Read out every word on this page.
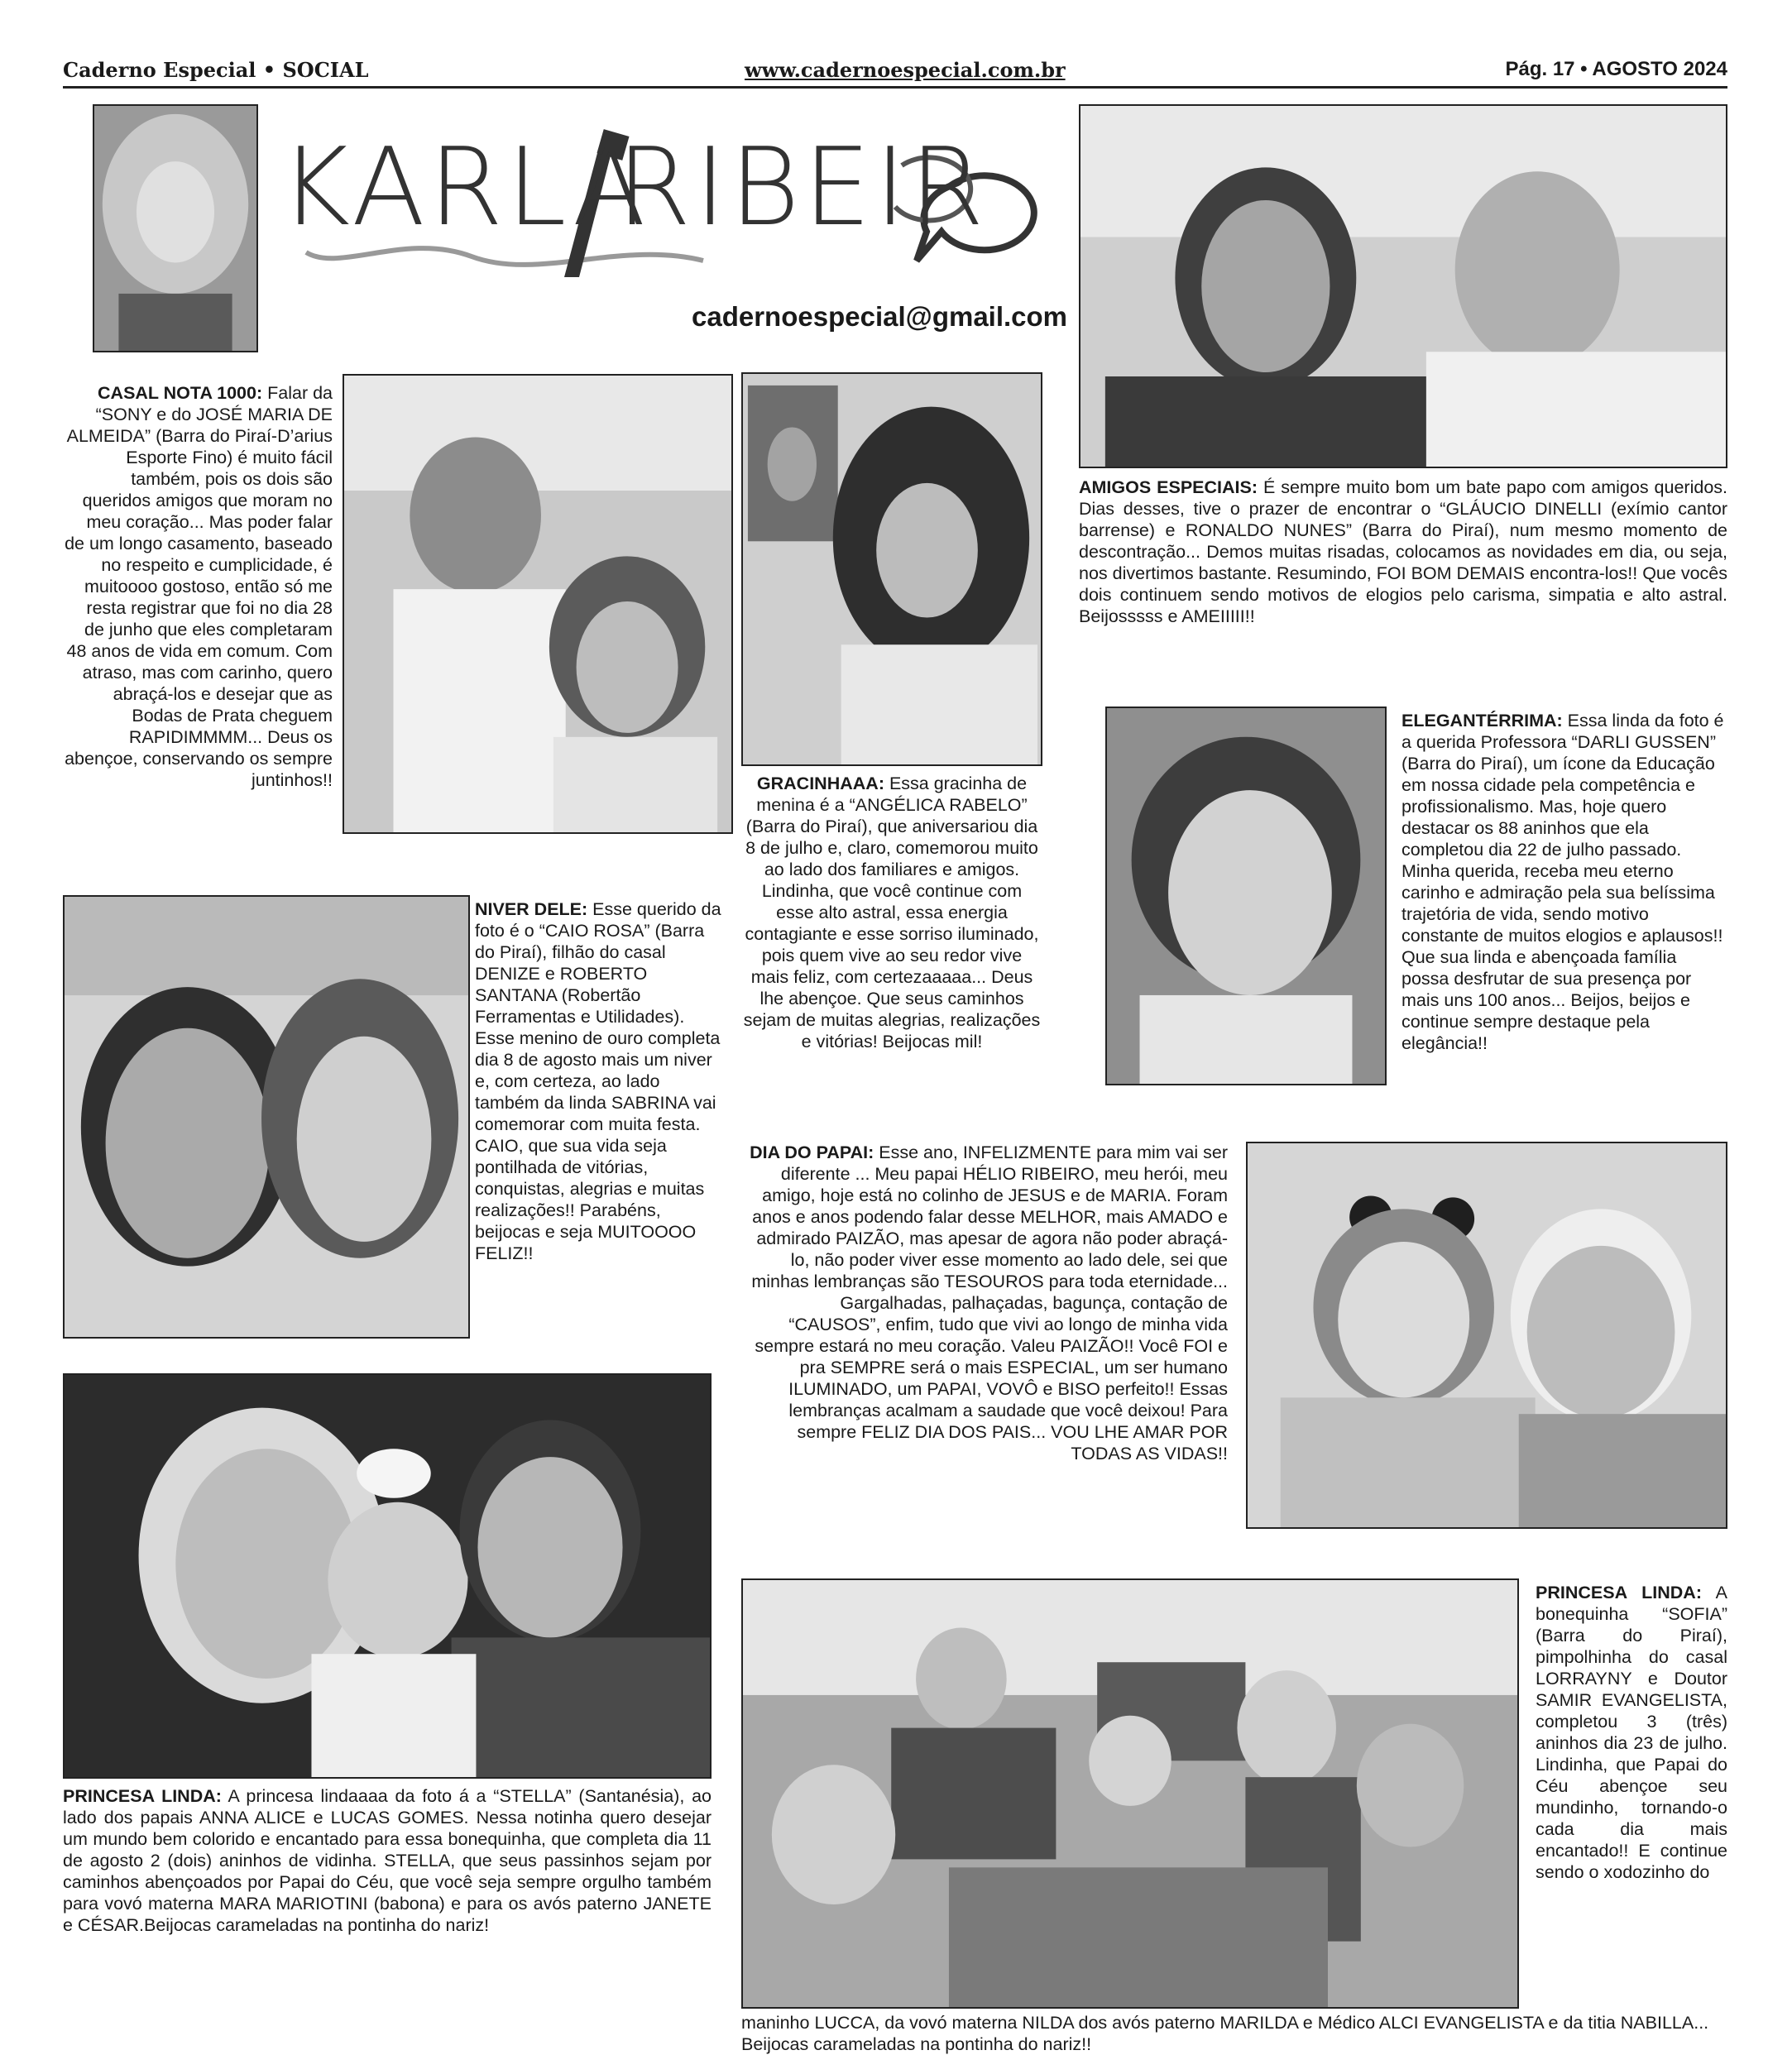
Caderno Especial • SOCIAL	www.cadernoespecial.com.br	Pág. 17 • AGOSTO 2024
KARLA
RIBEIR
cadernoespecial@gmail.com
CASAL NOTA 1000: Falar da “SONY e do JOSÉ MARIA DE ALMEIDA” (Barra do Piraí-D’arius Esporte Fino) é muito fácil também, pois os dois são queridos amigos que moram no meu coração... Mas poder falar de um longo casamento, baseado no respeito e cumplicidade, é muitoooo gostoso, então só me resta registrar que foi no dia 28 de junho que eles completaram 48 anos de vida em comum. Com atraso, mas com carinho, quero abraçá-los e desejar que as Bodas de Prata cheguem RAPIDIMMMM... Deus os abençoe, conservando os sempre juntinhos!!	GRACINHAAA: Essa gracinha de menina é a “ANGÉLICA RABELO” (Barra do Piraí), que aniversariou dia 8 de julho e, claro, comemorou muito ao lado dos familiares e amigos. Lindinha, que você continue com esse alto astral, essa energia contagiante e esse sorriso iluminado, pois quem vive ao seu redor vive mais feliz, com certezaaaaa... Deus lhe abençoe. Que seus caminhos sejam de muitas alegrias, realizações e vitórias! Beijocas mil!
AMIGOS ESPECIAIS: É sempre muito bom um bate papo com amigos queridos. Dias desses, tive o prazer de encontrar o “GLÁUCIO DINELLI (exímio cantor barrense) e RONALDO NUNES” (Barra do Piraí), num mesmo momento de descontração... Demos muitas risadas, colocamos as novidades em dia, ou seja, nos divertimos bastante. Resumindo, FOI BOM DEMAIS encontra-los!! Que vocês dois continuem sendo motivos de elogios pelo carisma, simpatia e alto astral. Beijosssss e AMEIIIII!!
ELEGANTÉRRIMA: Essa linda da foto é a querida Professora “DARLI GUSSEN” (Barra do Piraí), um ícone da Educação em nossa cidade pela competência e profissionalismo. Mas, hoje quero destacar os 88 aninhos que ela completou dia 22 de julho passado. Minha querida, receba meu eterno carinho e admiração pela sua belíssima trajetória de vida, sendo motivo constante de muitos elogios e aplausos!! Que sua linda e abençoada família possa desfrutar de sua presença por mais uns 100 anos... Beijos, beijos e continue sempre destaque pela elegância!!
NIVER DELE: Esse querido da foto é o “CAIO ROSA” (Barra do Piraí), filhão do casal DENIZE e ROBERTO SANTANA (Robertão Ferramentas e Utilidades). Esse menino de ouro completa dia 8 de agosto mais um niver e, com certeza, ao lado também da linda SABRINA vai comemorar com muita festa.
CAIO, que sua vida seja pontilhada de vitórias, conquistas, alegrias e muitas realizações!! Parabéns, beijocas e seja MUITOOOO FELIZ!!
DIA DO PAPAI: Esse ano, INFELIZMENTE para mim vai ser diferente ... Meu papai HÉLIO RIBEIRO, meu herói, meu amigo, hoje está no colinho de JESUS e de MARIA. Foram anos e anos podendo falar desse MELHOR, mais AMADO e admirado PAIZÃO, mas apesar de agora não poder abraçá-lo, não poder viver esse momento ao lado dele, sei que minhas lembranças são TESOUROS para toda eternidade... Gargalhadas, palhaçadas, bagunça, contação de “CAUSOS”, enfim, tudo que vivi ao longo de minha vida sempre estará no meu coração. Valeu PAIZÃO!! Você FOI e pra SEMPRE será o mais ESPECIAL, um ser humano ILUMINADO, um PAPAI, VOVÔ e BISO perfeito!! Essas lembranças acalmam a saudade que você deixou! Para sempre FELIZ DIA DOS PAIS... VOU LHE AMAR POR TODAS AS VIDAS!!
PRINCESA LINDA: A princesa lindaaaa da foto á a “STELLA” (Santanésia), ao lado dos papais ANNA ALICE e LUCAS GOMES. Nessa notinha quero desejar um mundo bem colorido e encantado para essa bonequinha, que completa dia 11 de agosto 2 (dois) aninhos de vidinha. STELLA, que seus passinhos sejam por caminhos abençoados por Papai do Céu, que você seja sempre orgulho também para vovó materna MARA MARIOTINI (babona) e para os avós paterno JANETE e CÉSAR.Beijocas carameladas na pontinha do nariz!
PRINCESA LINDA: A bonequinha “SOFIA” (Barra do Piraí), pimpolhinha do casal LORRAYNY e Doutor SAMIR EVANGELISTA, completou 3 (três) aninhos dia 23 de julho. Lindinha, que Papai do Céu abençoe seu mundinho, tornando-o cada dia mais encantado!! E continue sendo o xodozinho do
maninho LUCCA, da vovó materna NILDA dos avós paterno MARILDA e Médico ALCI EVANGELISTA e da titia NABILLA... Beijocas carameladas na pontinha do nariz!!
